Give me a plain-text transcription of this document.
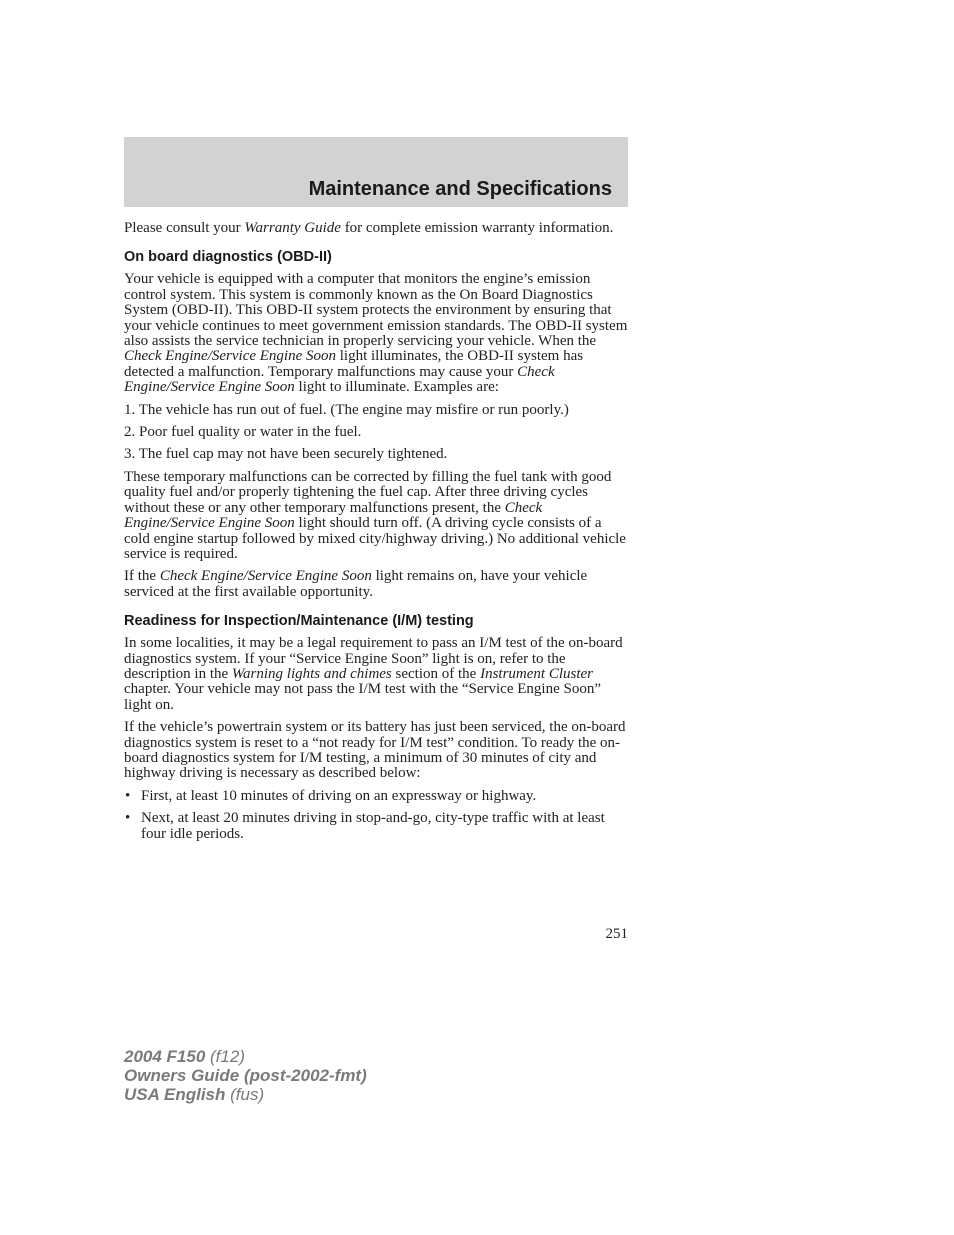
Maintenance and Specifications

Please consult your Warranty Guide for complete emission warranty information.

On board diagnostics (OBD-II)

Your vehicle is equipped with a computer that monitors the engine’s emission control system. This system is commonly known as the On Board Diagnostics System (OBD-II). This OBD-II system protects the environment by ensuring that your vehicle continues to meet government emission standards. The OBD-II system also assists the service technician in properly servicing your vehicle. When the Check Engine/Service Engine Soon light illuminates, the OBD-II system has detected a malfunction. Temporary malfunctions may cause your Check Engine/Service Engine Soon light to illuminate. Examples are:

1. The vehicle has run out of fuel. (The engine may misfire or run poorly.)

2. Poor fuel quality or water in the fuel.

3. The fuel cap may not have been securely tightened.

These temporary malfunctions can be corrected by filling the fuel tank with good quality fuel and/or properly tightening the fuel cap. After three driving cycles without these or any other temporary malfunctions present, the Check Engine/Service Engine Soon light should turn off. (A driving cycle consists of a cold engine startup followed by mixed city/highway driving.) No additional vehicle service is required.

If the Check Engine/Service Engine Soon light remains on, have your vehicle serviced at the first available opportunity.

Readiness for Inspection/Maintenance (I/M) testing

In some localities, it may be a legal requirement to pass an I/M test of the on-board diagnostics system. If your “Service Engine Soon” light is on, refer to the description in the Warning lights and chimes section of the Instrument Cluster chapter. Your vehicle may not pass the I/M test with the “Service Engine Soon” light on.

If the vehicle’s powertrain system or its battery has just been serviced, the on-board diagnostics system is reset to a “not ready for I/M test” condition. To ready the on-board diagnostics system for I/M testing, a minimum of 30 minutes of city and highway driving is necessary as described below:

• First, at least 10 minutes of driving on an expressway or highway.
• Next, at least 20 minutes driving in stop-and-go, city-type traffic with at least four idle periods.
251
2004 F150 (f12)
Owners Guide (post-2002-fmt)
USA English (fus)
